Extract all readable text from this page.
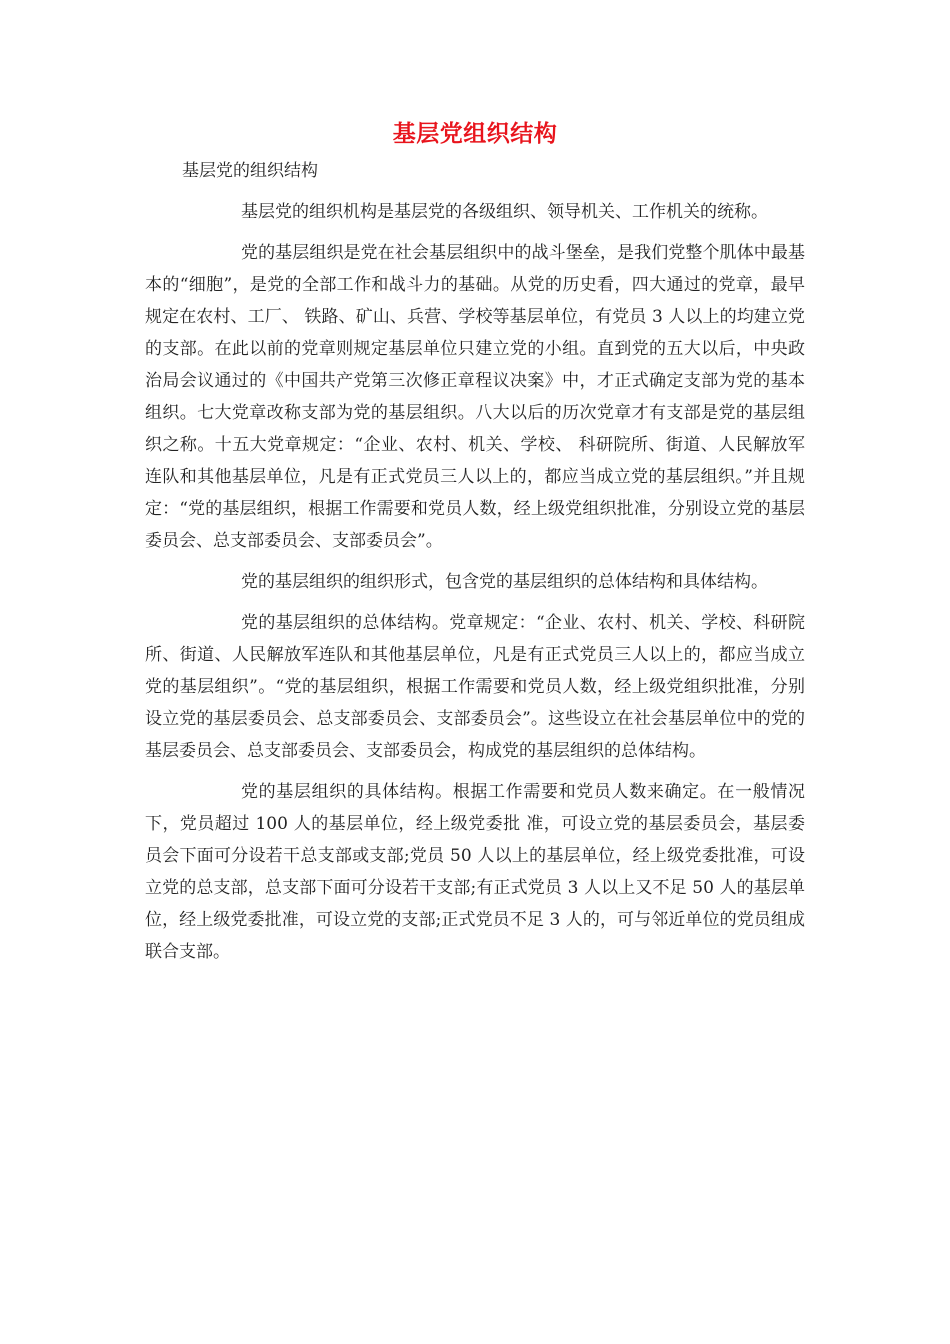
基层党组织结构
基层党的组织结构

基层党的组织机构是基层党的各级组织、领导机关、工作机关的统称。

党的基层组织是党在社会基层组织中的战斗堡垒，是我们党整个肌体中最基本的“细胞”，是党的全部工作和战斗力的基础。从党的历史看，四大通过的党章，最早规定在农村、工厂、 铁路、矿山、兵营、学校等基层单位，有党员 3 人以上的均建立党的支部。在此以前的党章则规定基层单位只建立党的小组。直到党的五大以后，中央政治局会议通过的《中国共产党第三次修正章程议决案》中，才正式确定支部为党的基本组织。七大党章改称支部为党的基层组织。八大以后的历次党章才有支部是党的基层组织之称。十五大党章规定：“企业、农村、机关、学校、 科研院所、街道、人民解放军连队和其他基层单位，凡是有正式党员三人以上的，都应当成立党的基层组织。”并且规定：“党的基层组织，根据工作需要和党员人数，经上级党组织批准，分别设立党的基层委员会、总支部委员会、支部委员会”。

党的基层组织的组织形式，包含党的基层组织的总体结构和具体结构。

党的基层组织的总体结构。党章规定：“企业、农村、机关、学校、科研院所、街道、人民解放军连队和其他基层单位，凡是有正式党员三人以上的，都应当成立党的基层组织”。“党的基层组织，根据工作需要和党员人数，经上级党组织批准，分别设立党的基层委员会、总支部委员会、支部委员会”。这些设立在社会基层单位中的党的基层委员会、总支部委员会、支部委员会，构成党的基层组织的总体结构。

党的基层组织的具体结构。根据工作需要和党员人数来确定。在一般情况下，党员超过 100 人的基层单位，经上级党委批 准，可设立党的基层委员会，基层委员会下面可分设若干总支部或支部;党员 50 人以上的基层单位，经上级党委批准，可设立党的总支部，总支部下面可分设若干支部;有正式党员 3 人以上又不足 50 人的基层单位，经上级党委批准，可设立党的支部;正式党员不足 3 人的，可与邻近单位的党员组成联合支部。
